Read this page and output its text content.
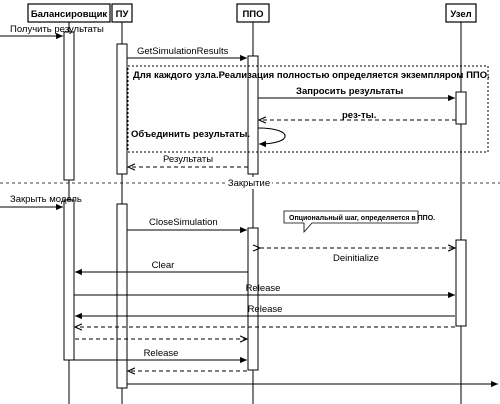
Балансировщик ПУ	ППО	Узел
Для каждого узла.Реализация полностью определяется экземпляром ППО.
Получить результаты
GetSimulationResults
Запросить результаты
рез-ты.
Объединить результаты.
Результаты
Закрытие
Закрыть модель
CloseSimulation	Опциональный шаг, определяется в ППО.
Deinitialize
Clear
Release
Release
Release
